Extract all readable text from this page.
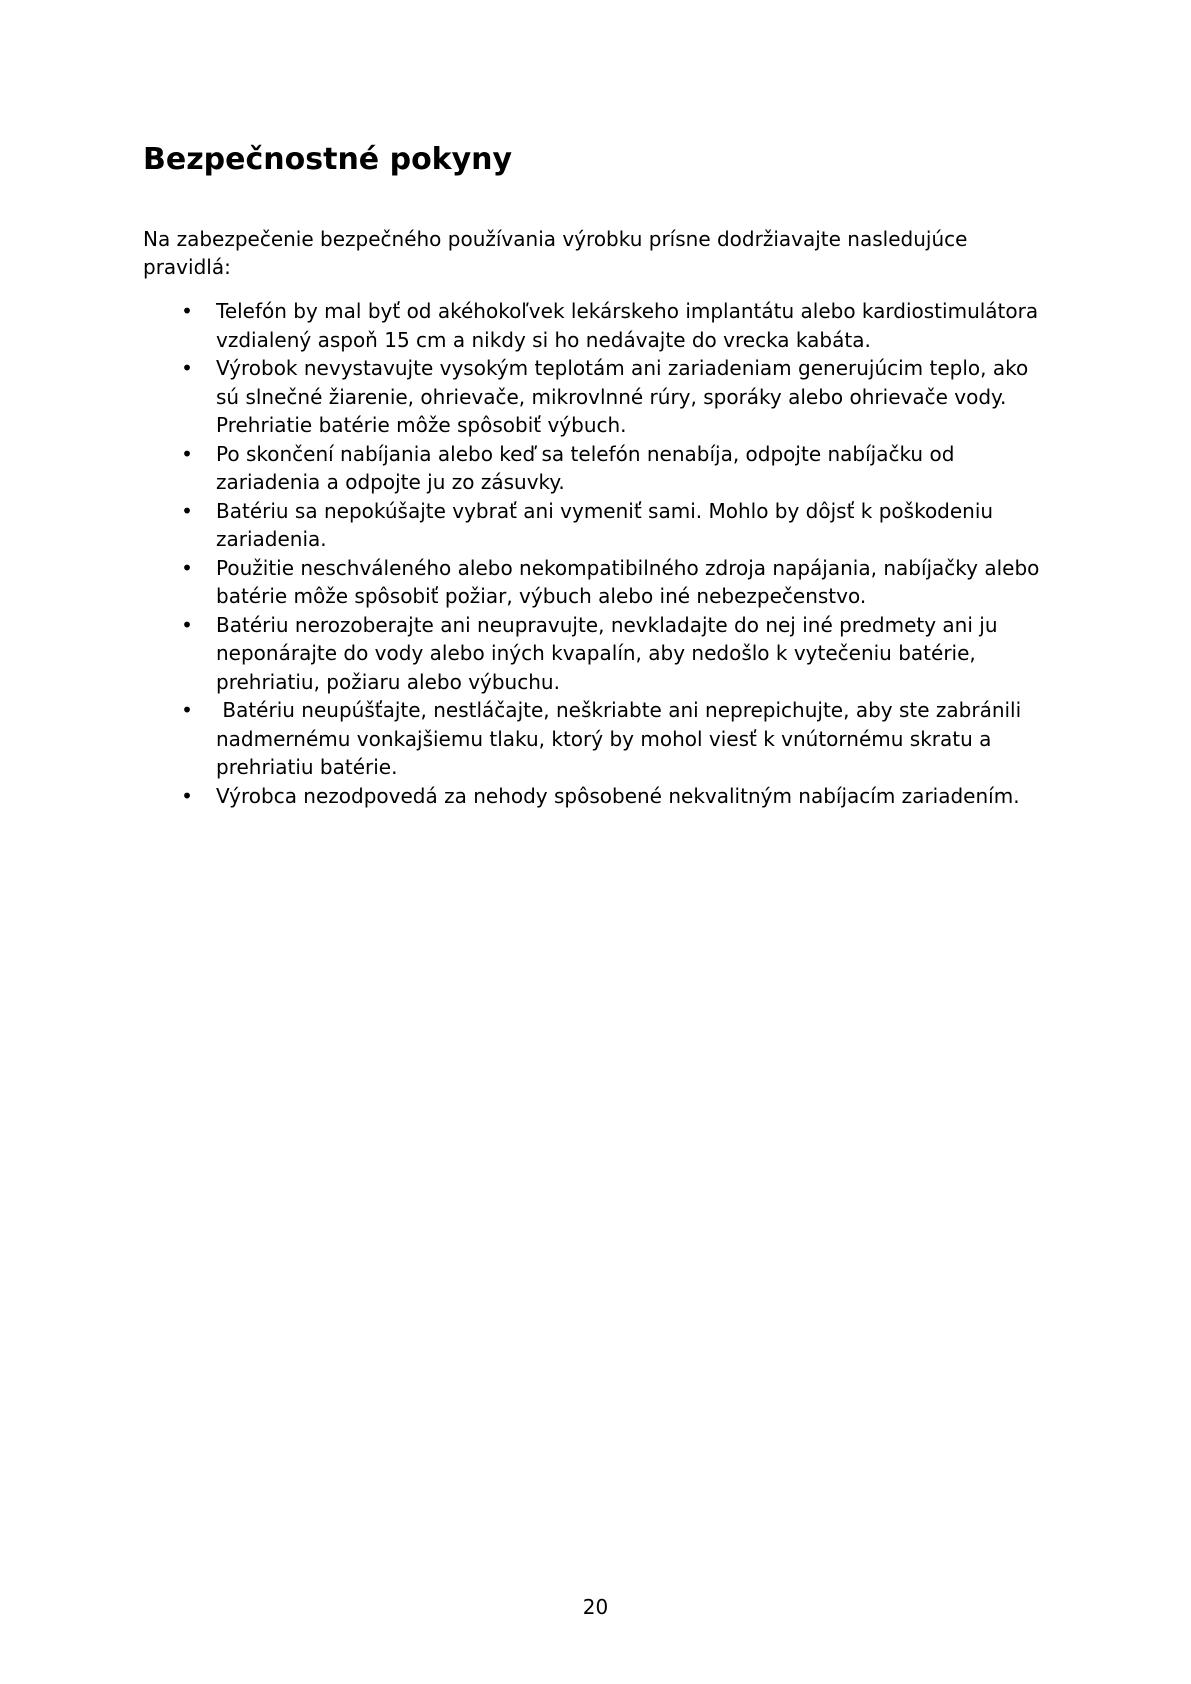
Bezpečnostné pokyny

Na zabezpečenie bezpečného používania výrobku prísne dodržiavajte nasledujúce pravidlá:

• Telefón by mal byť od akéhokoľvek lekárskeho implantátu alebo kardiostimulátora
vzdialený aspoň 15 cm a nikdy si ho nedávajte do vrecka kabáta.
• Výrobok nevystavujte vysokým teplotám ani zariadeniam generujúcim teplo, ako
sú slnečné žiarenie, ohrievače, mikrovlnné rúry, sporáky alebo ohrievače vody.
Prehriatie batérie môže spôsobiť výbuch.
• Po skončení nabíjania alebo keď sa telefón nenabíja, odpojte nabíjačku od
zariadenia a odpojte ju zo zásuvky.
• Batériu sa nepokúšajte vybrať ani vymeniť sami. Mohlo by dôjsť k poškodeniu
zariadenia.
• Použitie neschváleného alebo nekompatibilného zdroja napájania, nabíjačky alebo
batérie môže spôsobiť požiar, výbuch alebo iné nebezpečenstvo.
• Batériu nerozoberajte ani neupravujte, nevkladajte do nej iné predmety ani ju
neponárajte do vody alebo iných kvapalín, aby nedošlo k vytečeniu batérie,
prehriatiu, požiaru alebo výbuchu.
• Batériu neupúšťajte, nestláčajte, neškriabte ani neprepichujte, aby ste zabránili
nadmernému vonkajšiemu tlaku, ktorý by mohol viesť k vnútornému skratu a
prehriatiu batérie.
• Výrobca nezodpovedá za nehody spôsobené nekvalitným nabíjacím zariadením.

20
